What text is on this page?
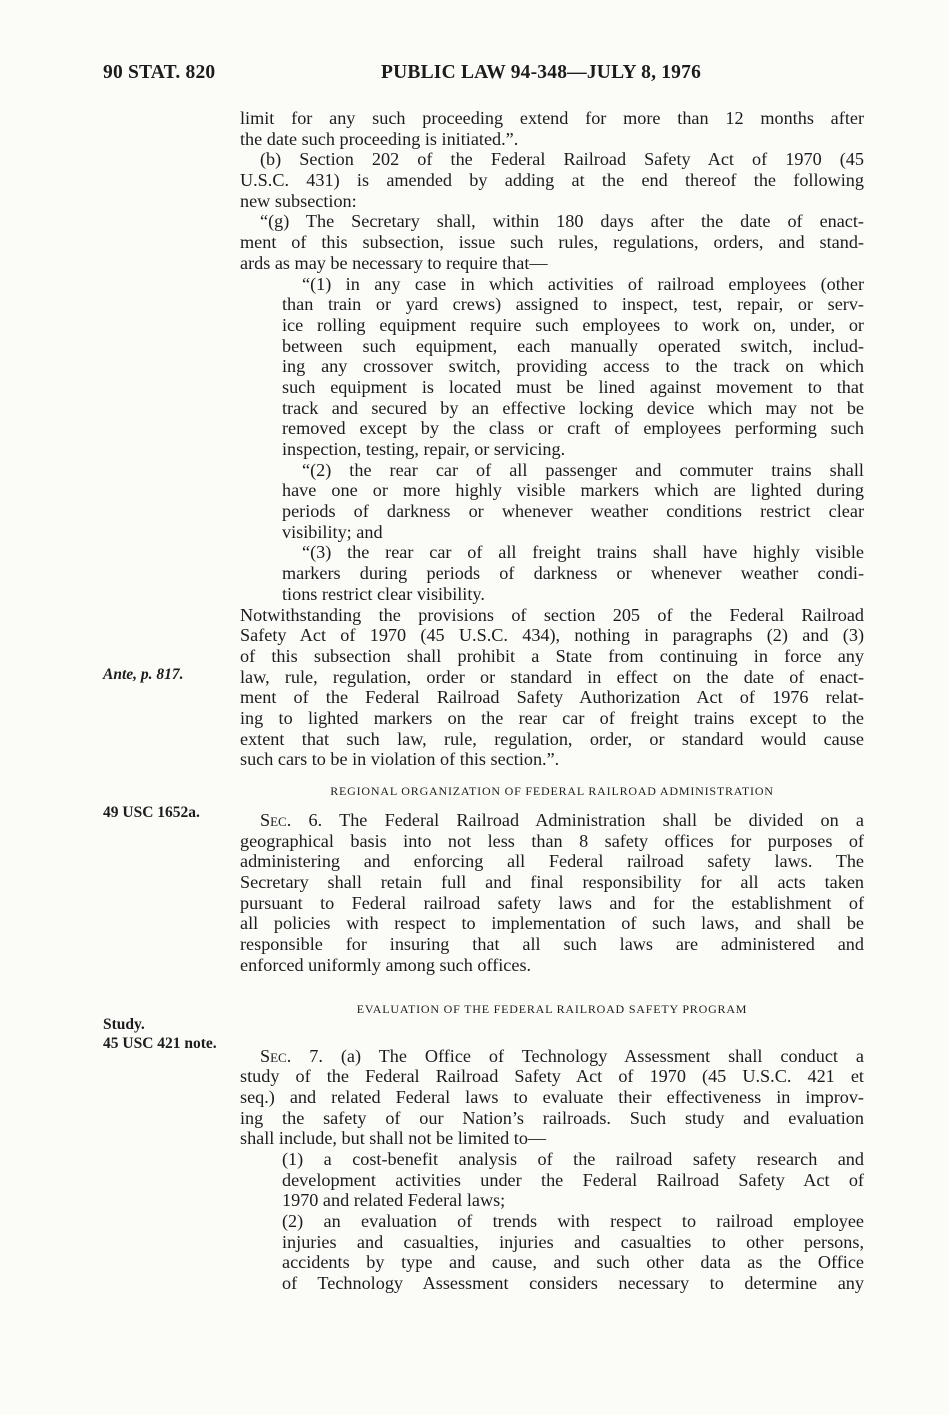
90 STAT. 820	PUBLIC LAW 94-348—JULY 8, 1976
Ante, p. 817.
49 USC 1652a.
Study.
45 USC 421 note.
limit for any such proceeding extend for more than 12 months after
the date such proceeding is initiated.”.
(b) Section 202 of the Federal Railroad Safety Act of 1970 (45
U.S.C. 431) is amended by adding at the end thereof the following
new subsection:
“(g) The Secretary shall, within 180 days after the date of enact-
ment of this subsection, issue such rules, regulations, orders, and stand-
ards as may be necessary to require that—
“(1) in any case in which activities of railroad employees (other
than train or yard crews) assigned to inspect, test, repair, or serv-
ice rolling equipment require such employees to work on, under, or
between such equipment, each manually operated switch, includ-
ing any crossover switch, providing access to the track on which
such equipment is located must be lined against movement to that
track and secured by an effective locking device which may not be
removed except by the class or craft of employees performing such
inspection, testing, repair, or servicing.
“(2) the rear car of all passenger and commuter trains shall
have one or more highly visible markers which are lighted during
periods of darkness or whenever weather conditions restrict clear
visibility; and
“(3) the rear car of all freight trains shall have highly visible
markers during periods of darkness or whenever weather condi-
tions restrict clear visibility.
Notwithstanding the provisions of section 205 of the Federal Railroad
Safety Act of 1970 (45 U.S.C. 434), nothing in paragraphs (2) and (3)
of this subsection shall prohibit a State from continuing in force any
law, rule, regulation, order or standard in effect on the date of enact-
ment of the Federal Railroad Safety Authorization Act of 1976 relat-
ing to lighted markers on the rear car of freight trains except to the
extent that such law, rule, regulation, order, or standard would cause
such cars to be in violation of this section.”.
REGIONAL ORGANIZATION OF FEDERAL RAILROAD ADMINISTRATION
Sec. 6. The Federal Railroad Administration shall be divided on a
geographical basis into not less than 8 safety offices for purposes of
administering and enforcing all Federal railroad safety laws. The
Secretary shall retain full and final responsibility for all acts taken
pursuant to Federal railroad safety laws and for the establishment of
all policies with respect to implementation of such laws, and shall be
responsible for insuring that all such laws are administered and
enforced uniformly among such offices.
EVALUATION OF THE FEDERAL RAILROAD SAFETY PROGRAM
Sec. 7. (a) The Office of Technology Assessment shall conduct a
study of the Federal Railroad Safety Act of 1970 (45 U.S.C. 421 et
seq.) and related Federal laws to evaluate their effectiveness in improv-
ing the safety of our Nation’s railroads. Such study and evaluation
shall include, but shall not be limited to—
(1) a cost-benefit analysis of the railroad safety research and
development activities under the Federal Railroad Safety Act of
1970 and related Federal laws;
(2) an evaluation of trends with respect to railroad employee
injuries and casualties, injuries and casualties to other persons,
accidents by type and cause, and such other data as the Office
of Technology Assessment considers necessary to determine any
